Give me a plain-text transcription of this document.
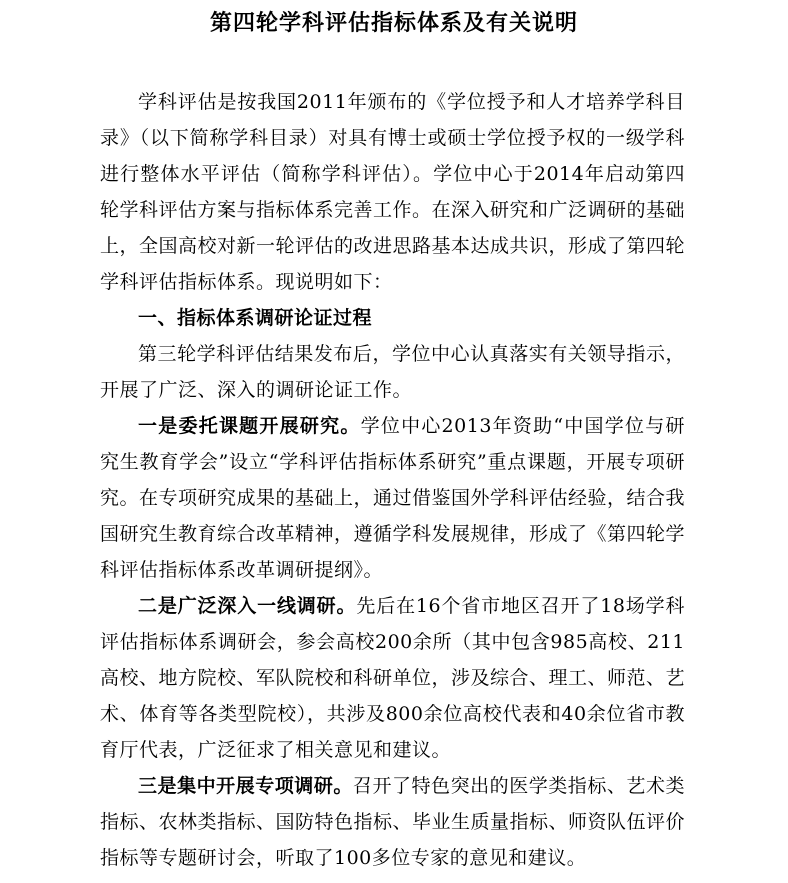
第四轮学科评估指标体系及有关说明

学科评估是按我国2011年颁布的《学位授予和人才培养学科目录》（以下简称学科目录）对具有博士或硕士学位授予权的一级学科进行整体水平评估（简称学科评估）。学位中心于2014年启动第四轮学科评估方案与指标体系完善工作。在深入研究和广泛调研的基础上，全国高校对新一轮评估的改进思路基本达成共识，形成了第四轮学科评估指标体系。现说明如下：

一、指标体系调研论证过程

第三轮学科评估结果发布后，学位中心认真落实有关领导指示，开展了广泛、深入的调研论证工作。

一是委托课题开展研究。学位中心2013年资助“中国学位与研究生教育学会”设立“学科评估指标体系研究”重点课题，开展专项研究。在专项研究成果的基础上，通过借鉴国外学科评估经验，结合我国研究生教育综合改革精神，遵循学科发展规律，形成了《第四轮学科评估指标体系改革调研提纲》。

二是广泛深入一线调研。先后在16个省市地区召开了18场学科评估指标体系调研会，参会高校200余所（其中包含985高校、211高校、地方院校、军队院校和科研单位，涉及综合、理工、师范、艺术、体育等各类型院校），共涉及800余位高校代表和40余位省市教育厅代表，广泛征求了相关意见和建议。

三是集中开展专项调研。召开了特色突出的医学类指标、艺术类指标、农林类指标、国防特色指标、毕业生质量指标、师资队伍评价指标等专题研讨会，听取了100多位专家的意见和建议。
